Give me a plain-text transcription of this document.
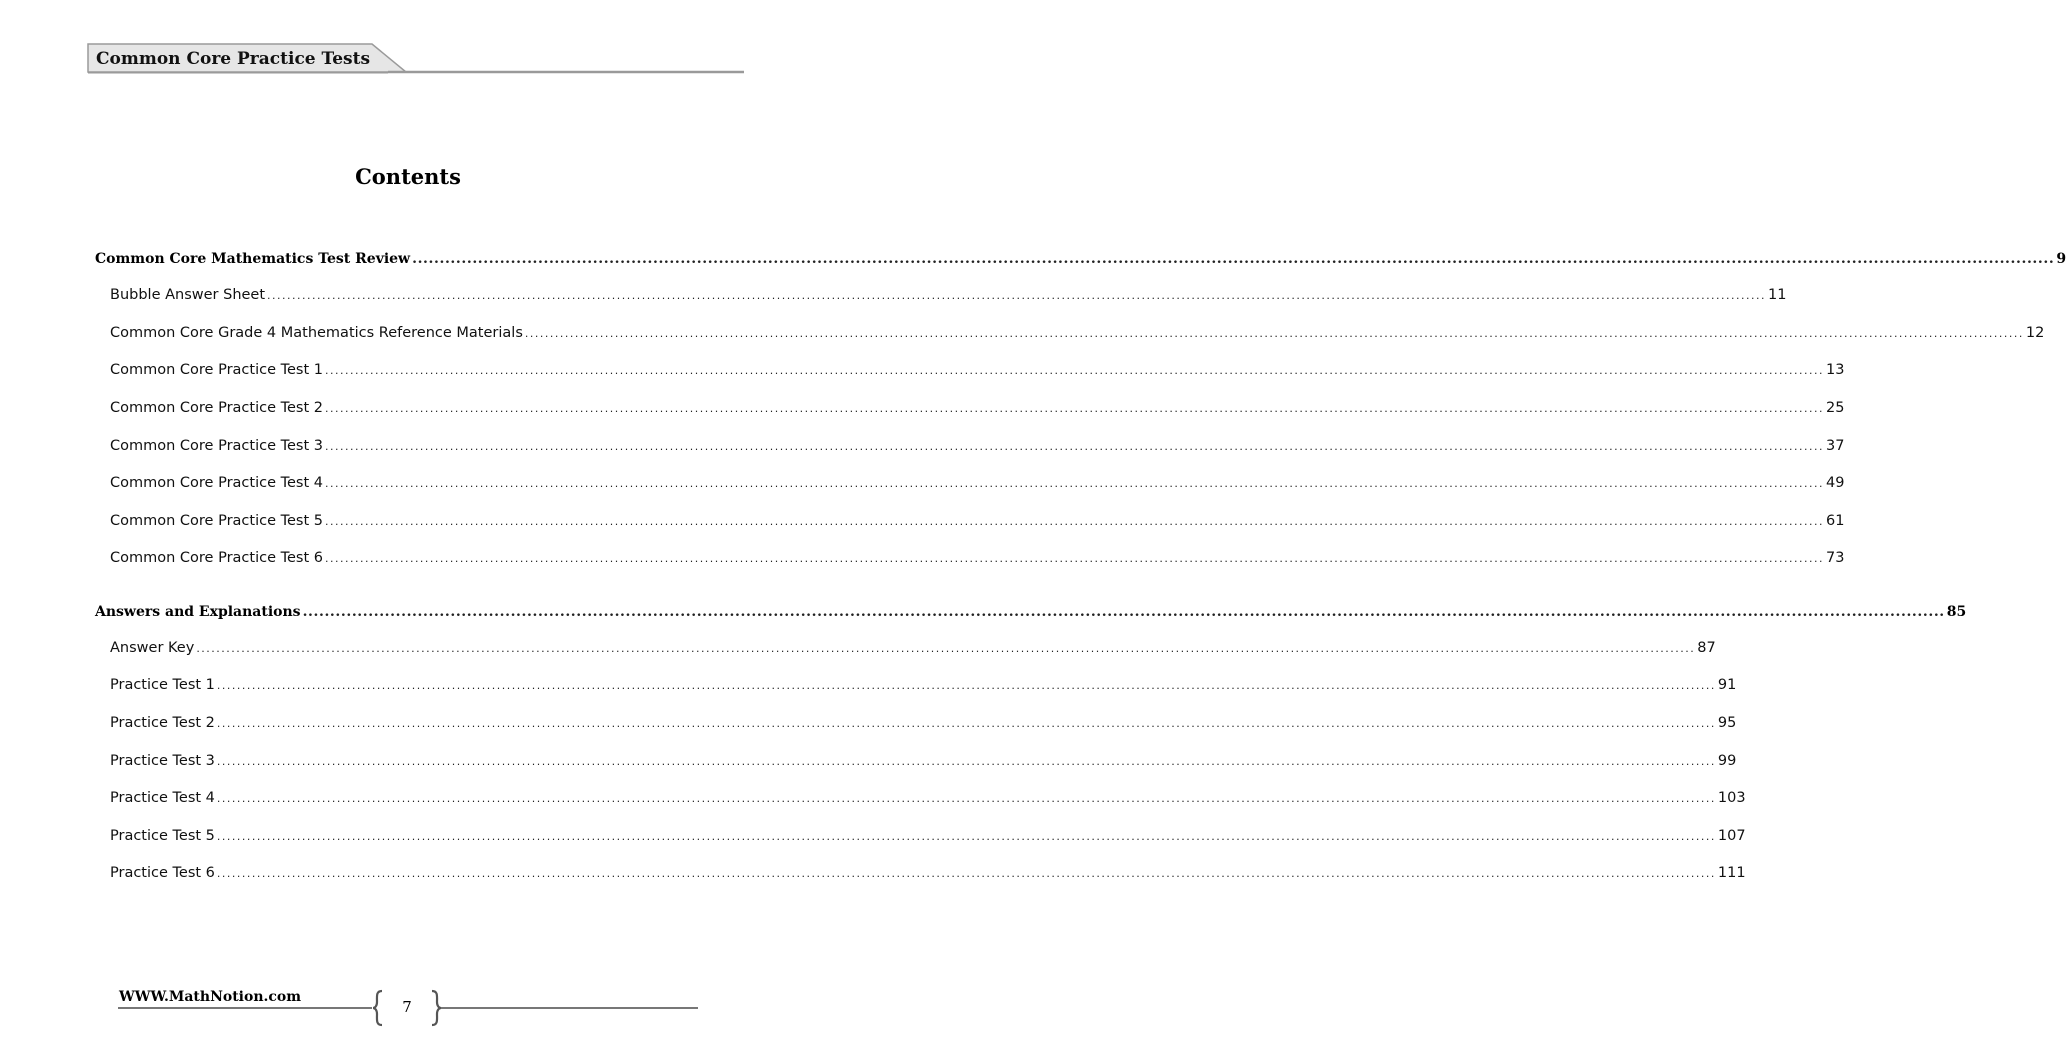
Common Core Practice Tests
Contents
Common Core Mathematics Test Review ............................................................................................................................................................................................................................................................................................................ 9
Bubble Answer Sheet ............................................................................................................................................................................................................................................................................................................ 11
Common Core Grade 4 Mathematics Reference Materials ............................................................................................................................................................................................................................................................................................................ 12
Common Core Practice Test 1 ............................................................................................................................................................................................................................................................................................................ 13
Common Core Practice Test 2 ............................................................................................................................................................................................................................................................................................................ 25
Common Core Practice Test 3 ............................................................................................................................................................................................................................................................................................................ 37
Common Core Practice Test 4 ............................................................................................................................................................................................................................................................................................................ 49
Common Core Practice Test 5 ............................................................................................................................................................................................................................................................................................................ 61
Common Core Practice Test 6 ............................................................................................................................................................................................................................................................................................................ 73
Answers and Explanations ............................................................................................................................................................................................................................................................................................................ 85
Answer Key ............................................................................................................................................................................................................................................................................................................ 87
Practice Test 1 ............................................................................................................................................................................................................................................................................................................ 91
Practice Test 2 ............................................................................................................................................................................................................................................................................................................ 95
Practice Test 3 ............................................................................................................................................................................................................................................................................................................ 99
Practice Test 4 ............................................................................................................................................................................................................................................................................................................ 103
Practice Test 5 ............................................................................................................................................................................................................................................................................................................ 107
Practice Test 6 ............................................................................................................................................................................................................................................................................................................ 111
WWW.MathNotion.com
7
